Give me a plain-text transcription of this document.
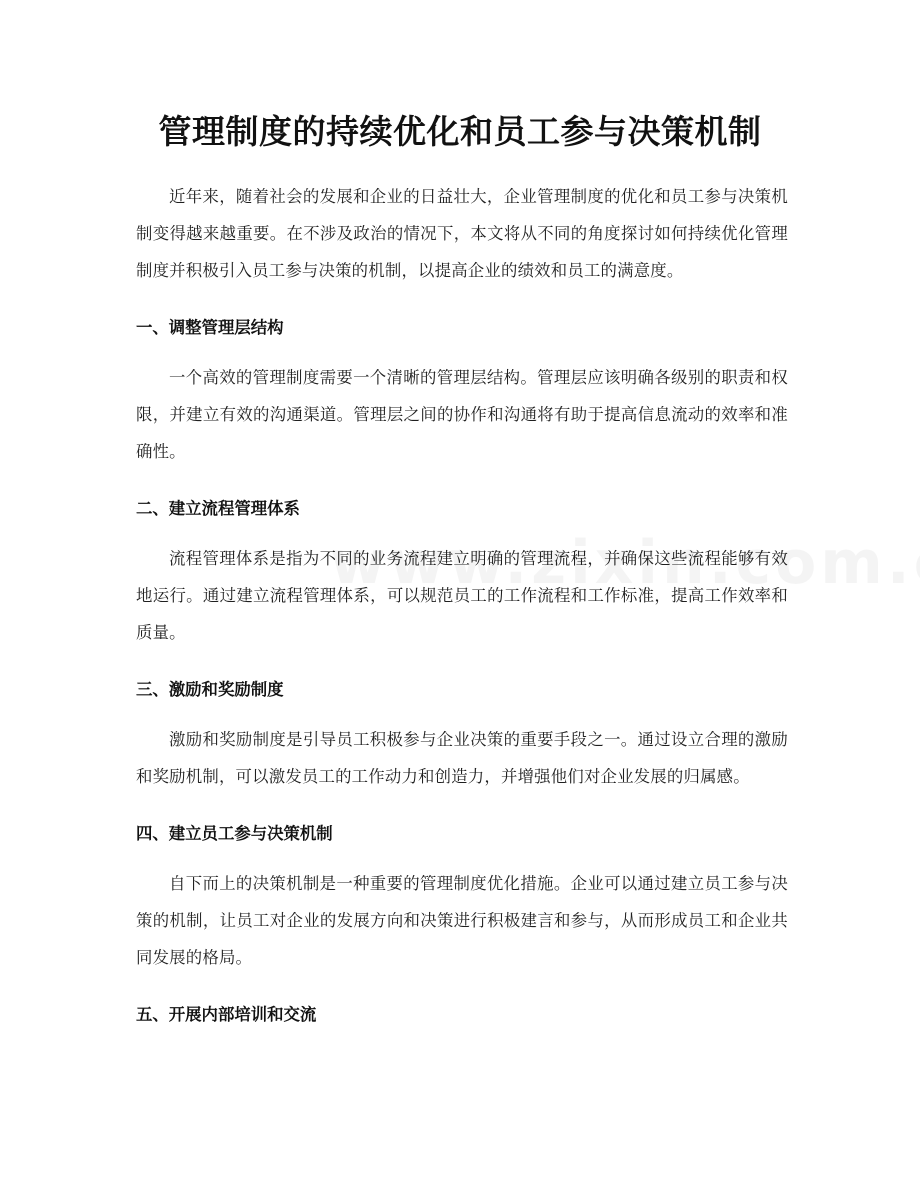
管理制度的持续优化和员工参与决策机制

近年来，随着社会的发展和企业的日益壮大，企业管理制度的优化和员工参与决策机制变得越来越重要。在不涉及政治的情况下，本文将从不同的角度探讨如何持续优化管理制度并积极引入员工参与决策的机制，以提高企业的绩效和员工的满意度。

一、调整管理层结构

一个高效的管理制度需要一个清晰的管理层结构。管理层应该明确各级别的职责和权限，并建立有效的沟通渠道。管理层之间的协作和沟通将有助于提高信息流动的效率和准确性。

二、建立流程管理体系

流程管理体系是指为不同的业务流程建立明确的管理流程，并确保这些流程能够有效地运行。通过建立流程管理体系，可以规范员工的工作流程和工作标准，提高工作效率和质量。

三、激励和奖励制度

激励和奖励制度是引导员工积极参与企业决策的重要手段之一。通过设立合理的激励和奖励机制，可以激发员工的工作动力和创造力，并增强他们对企业发展的归属感。

四、建立员工参与决策机制

自下而上的决策机制是一种重要的管理制度优化措施。企业可以通过建立员工参与决策的机制，让员工对企业的发展方向和决策进行积极建言和参与，从而形成员工和企业共同发展的格局。

五、开展内部培训和交流
